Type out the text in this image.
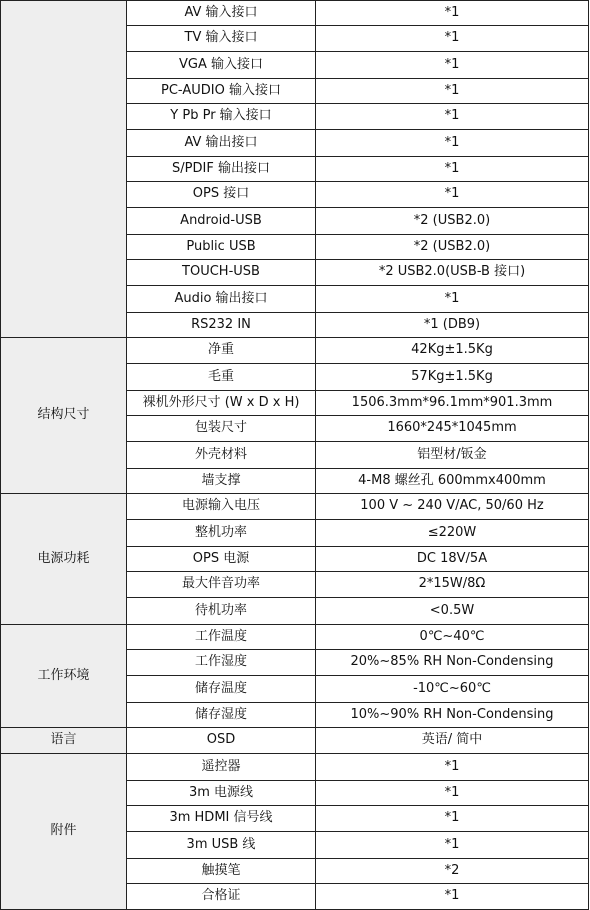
	AV 输入接口	*1
	TV 输入接口	*1
	VGA 输入接口	*1
	PC-AUDIO 输入接口	*1
	Y Pb Pr 输入接口	*1
	AV 输出接口	*1
	S/PDIF 输出接口	*1
	OPS 接口	*1
	Android-USB	*2 (USB2.0)
	Public USB	*2 (USB2.0)
	TOUCH-USB	*2 USB2.0(USB-B 接口)
	Audio 输出接口	*1
	RS232 IN	*1 (DB9)
结构尺寸	净重	42Kg±1.5Kg
	毛重	57Kg±1.5Kg
	裸机外形尺寸 (W x D x H)	1506.3mm*96.1mm*901.3mm
	包装尺寸	1660*245*1045mm
	外壳材料	铝型材/钣金
	墙支撑	4-M8 螺丝孔 600mmx400mm
电源功耗	电源输入电压	100 V ~ 240 V/AC, 50/60 Hz
	整机功率	≤220W
	OPS 电源	DC 18V/5A
	最大伴音功率	2*15W/8Ω
	待机功率	<0.5W
工作环境	工作温度	0℃~40℃
	工作湿度	20%~85% RH Non-Condensing
	储存温度	-10℃~60℃
	储存湿度	10%~90% RH Non-Condensing
语言	OSD	英语/ 简中
附件	遥控器	*1
	3m 电源线	*1
	3m HDMI 信号线	*1
	3m USB 线	*1
	触摸笔	*2
	合格证	*1
